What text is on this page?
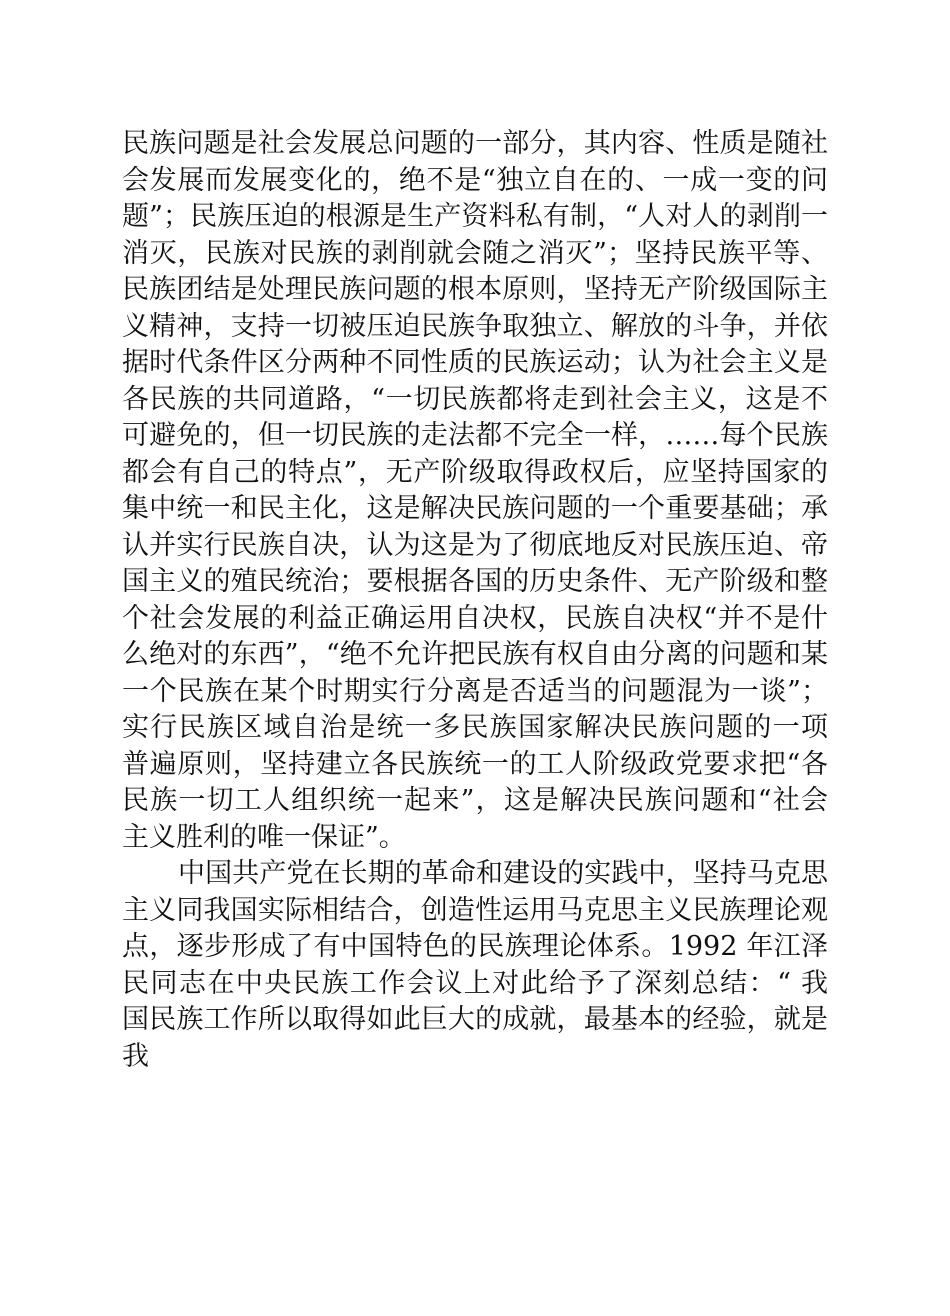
民族问题是社会发展总问题的一部分，其内容、性质是随社
会发展而发展变化的，绝不是“独立自在的、一成一变的问
题”；民族压迫的根源是生产资料私有制，“人对人的剥削一
消灭，民族对民族的剥削就会随之消灭”；坚持民族平等、
民族团结是处理民族问题的根本原则，坚持无产阶级国际主
义精神，支持一切被压迫民族争取独立、解放的斗争，并依
据时代条件区分两种不同性质的民族运动；认为社会主义是
各民族的共同道路，“一切民族都将走到社会主义，这是不
可避免的，但一切民族的走法都不完全一样，……每个民族
都会有自己的特点”，无产阶级取得政权后，应坚持国家的
集中统一和民主化，这是解决民族问题的一个重要基础；承
认并实行民族自决，认为这是为了彻底地反对民族压迫、帝
国主义的殖民统治；要根据各国的历史条件、无产阶级和整
个社会发展的利益正确运用自决权，民族自决权“并不是什
么绝对的东西”，“绝不允许把民族有权自由分离的问题和某
一个民族在某个时期实行分离是否适当的问题混为一谈”；
实行民族区域自治是统一多民族国家解决民族问题的一项
普遍原则，坚持建立各民族统一的工人阶级政党要求把“各
民族一切工人组织统一起来”，这是解决民族问题和“社会
主义胜利的唯一保证”。
中国共产党在长期的革命和建设的实践中，坚持马克思
主义同我国实际相结合，创造性运用马克思主义民族理论观
点，逐步形成了有中国特色的民族理论体系。1992 年江泽
民同志在中央民族工作会议上对此给予了深刻总结：“ 我
国民族工作所以取得如此巨大的成就，最基本的经验，就是
我
